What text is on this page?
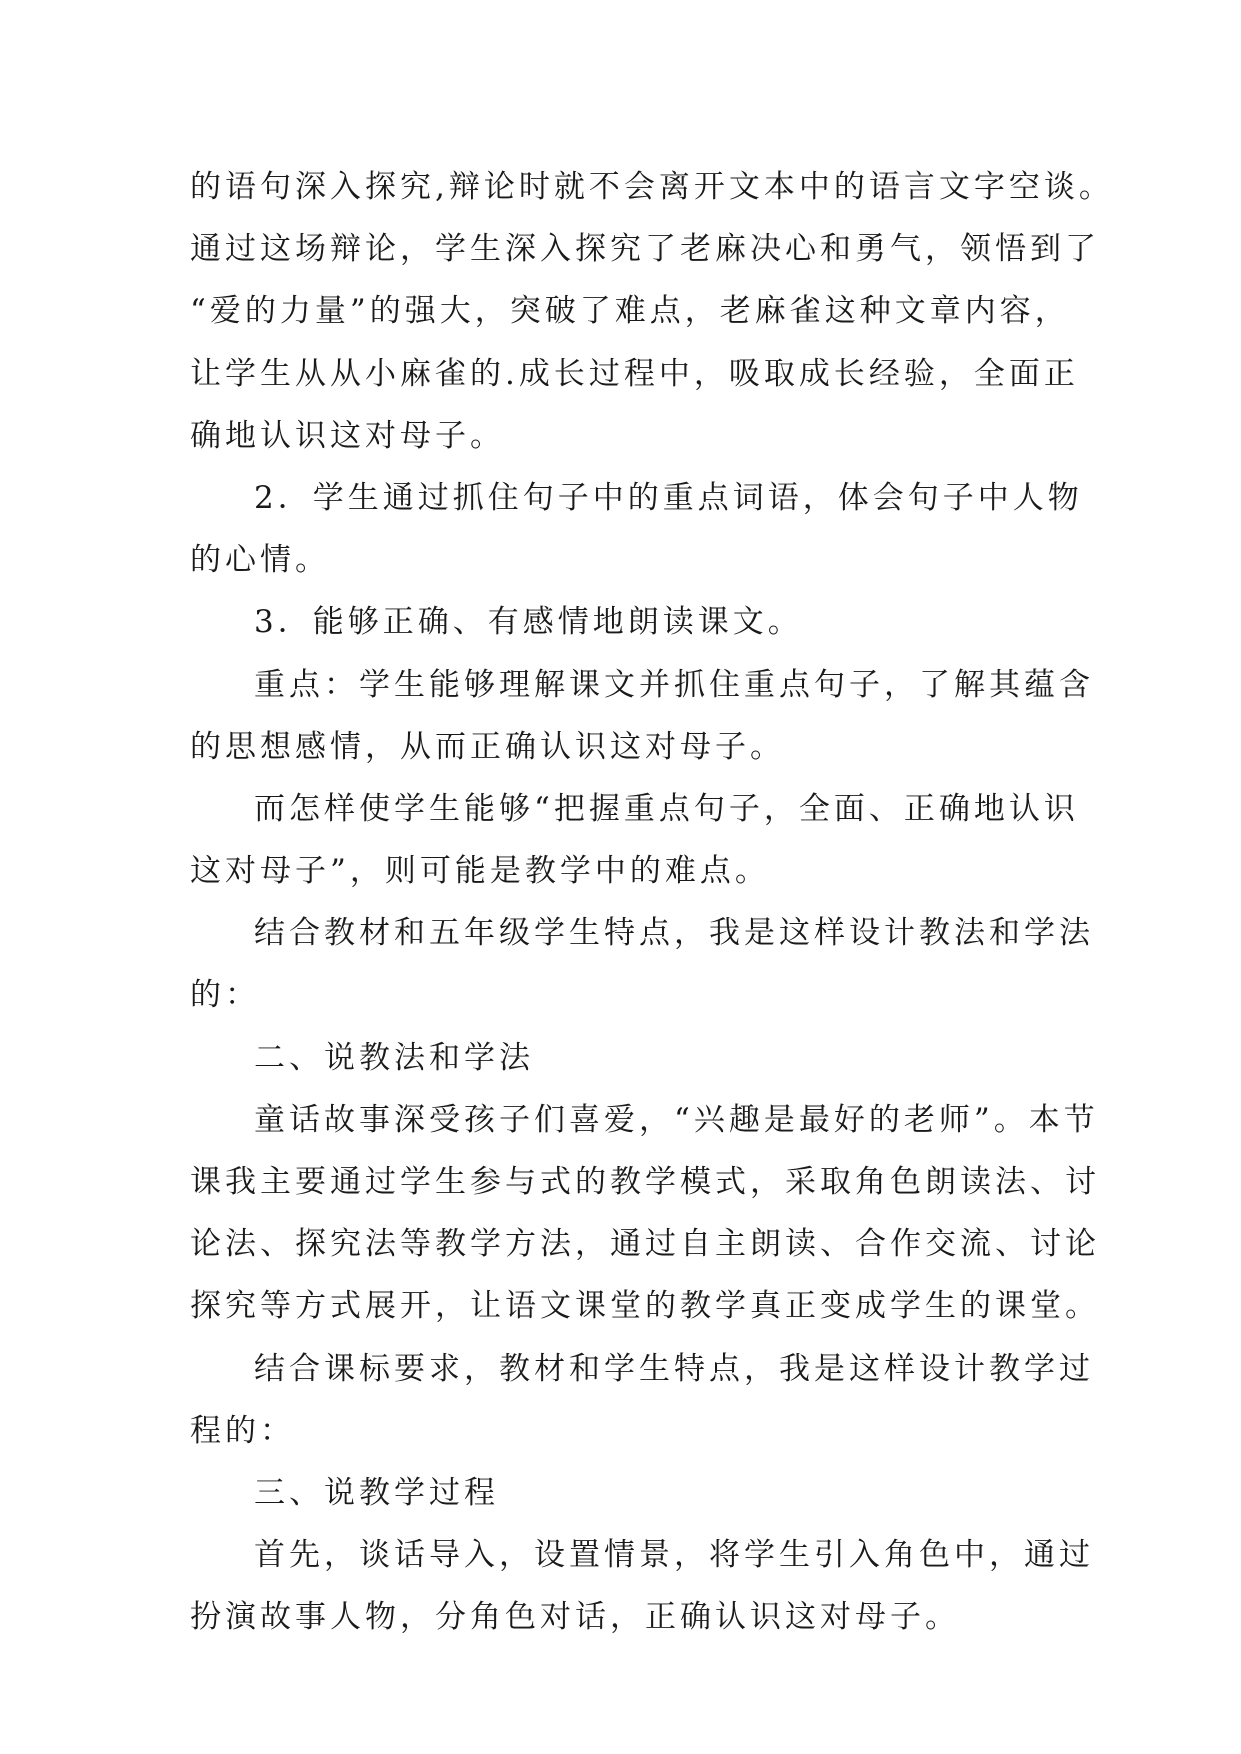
的语句深入探究,辩论时就不会离开文本中的语言文字空谈。
通过这场辩论，学生深入探究了老麻决心和勇气，领悟到了
“爱的力量”的强大，突破了难点，老麻雀这种文章内容，
让学生从从小麻雀的.成长过程中，吸取成长经验，全面正
确地认识这对母子。
2．学生通过抓住句子中的重点词语，体会句子中人物
的心情。
3．能够正确、有感情地朗读课文。
重点：学生能够理解课文并抓住重点句子，了解其蕴含
的思想感情，从而正确认识这对母子。
而怎样使学生能够“把握重点句子，全面、正确地认识
这对母子”，则可能是教学中的难点。
结合教材和五年级学生特点，我是这样设计教法和学法
的：
二、说教法和学法
童话故事深受孩子们喜爱，“兴趣是最好的老师”。本节
课我主要通过学生参与式的教学模式，采取角色朗读法、讨
论法、探究法等教学方法，通过自主朗读、合作交流、讨论
探究等方式展开，让语文课堂的教学真正变成学生的课堂。
结合课标要求，教材和学生特点，我是这样设计教学过
程的：
三、说教学过程
首先，谈话导入，设置情景，将学生引入角色中，通过
扮演故事人物，分角色对话，正确认识这对母子。
